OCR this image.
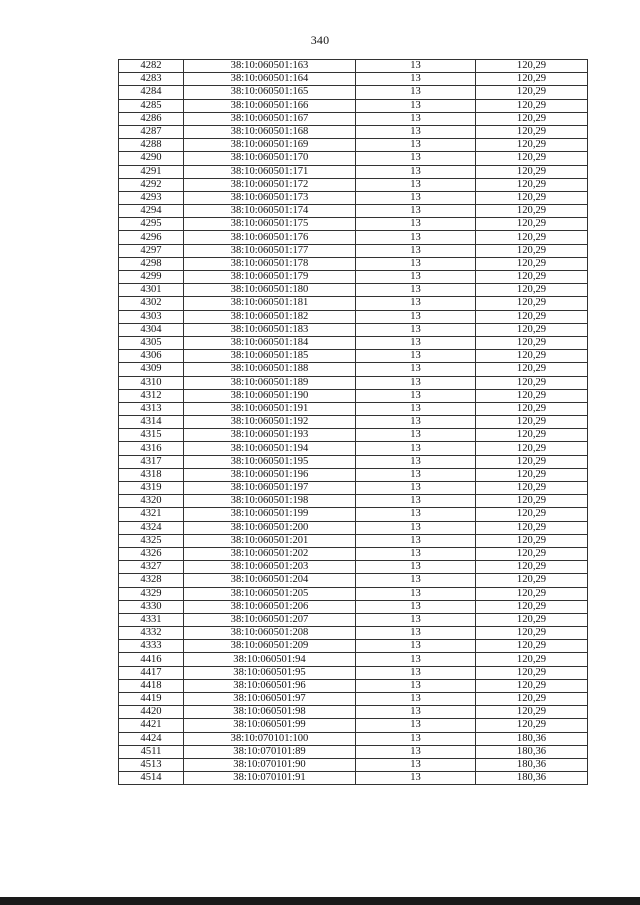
340
4282	38:10:060501:163	13	120,29
4283	38:10:060501:164	13	120,29
4284	38:10:060501:165	13	120,29
4285	38:10:060501:166	13	120,29
4286	38:10:060501:167	13	120,29
4287	38:10:060501:168	13	120,29
4288	38:10:060501:169	13	120,29
4290	38:10:060501:170	13	120,29
4291	38:10:060501:171	13	120,29
4292	38:10:060501:172	13	120,29
4293	38:10:060501:173	13	120,29
4294	38:10:060501:174	13	120,29
4295	38:10:060501:175	13	120,29
4296	38:10:060501:176	13	120,29
4297	38:10:060501:177	13	120,29
4298	38:10:060501:178	13	120,29
4299	38:10:060501:179	13	120,29
4301	38:10:060501:180	13	120,29
4302	38:10:060501:181	13	120,29
4303	38:10:060501:182	13	120,29
4304	38:10:060501:183	13	120,29
4305	38:10:060501:184	13	120,29
4306	38:10:060501:185	13	120,29
4309	38:10:060501:188	13	120,29
4310	38:10:060501:189	13	120,29
4312	38:10:060501:190	13	120,29
4313	38:10:060501:191	13	120,29
4314	38:10:060501:192	13	120,29
4315	38:10:060501:193	13	120,29
4316	38:10:060501:194	13	120,29
4317	38:10:060501:195	13	120,29
4318	38:10:060501:196	13	120,29
4319	38:10:060501:197	13	120,29
4320	38:10:060501:198	13	120,29
4321	38:10:060501:199	13	120,29
4324	38:10:060501:200	13	120,29
4325	38:10:060501:201	13	120,29
4326	38:10:060501:202	13	120,29
4327	38:10:060501:203	13	120,29
4328	38:10:060501:204	13	120,29
4329	38:10:060501:205	13	120,29
4330	38:10:060501:206	13	120,29
4331	38:10:060501:207	13	120,29
4332	38:10:060501:208	13	120,29
4333	38:10:060501:209	13	120,29
4416	38:10:060501:94	13	120,29
4417	38:10:060501:95	13	120,29
4418	38:10:060501:96	13	120,29
4419	38:10:060501:97	13	120,29
4420	38:10:060501:98	13	120,29
4421	38:10:060501:99	13	120,29
4424	38:10:070101:100	13	180,36
4511	38:10:070101:89	13	180,36
4513	38:10:070101:90	13	180,36
4514	38:10:070101:91	13	180,36
